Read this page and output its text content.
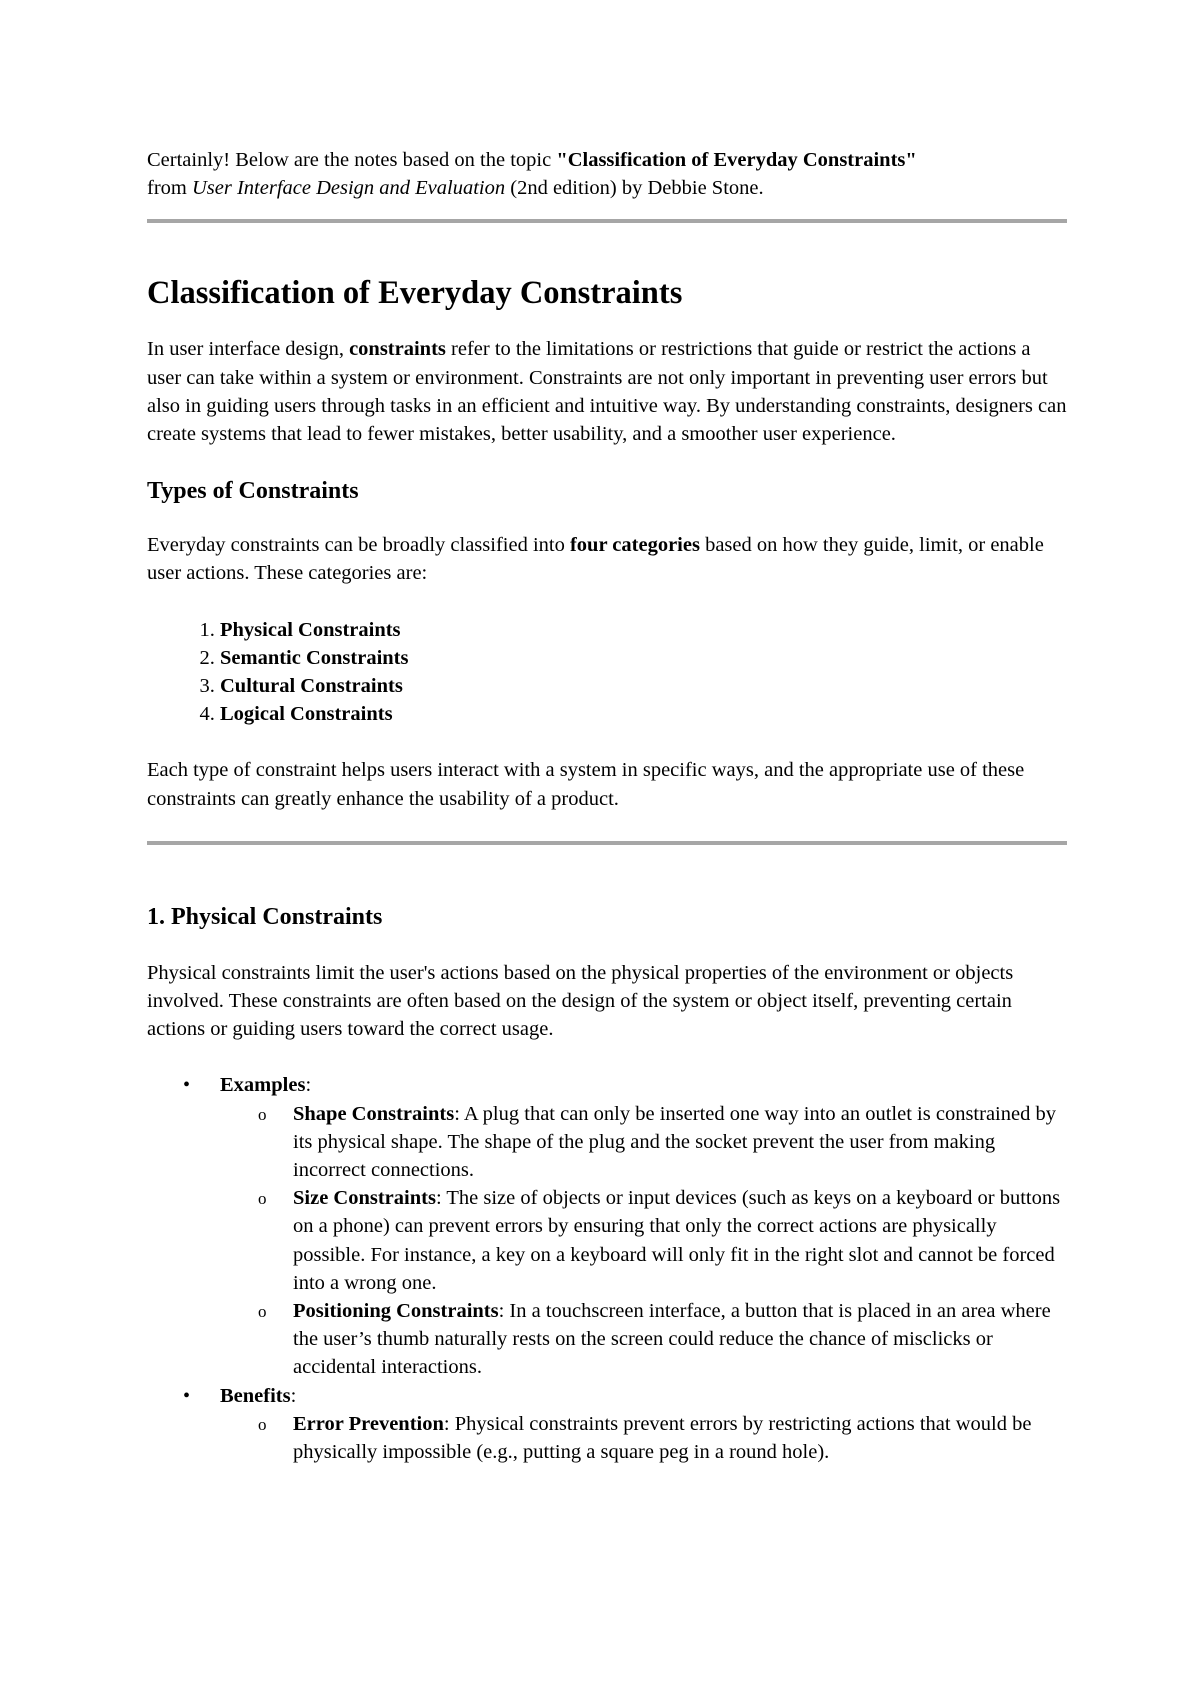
Certainly! Below are the notes based on the topic "Classification of Everyday Constraints"
from User Interface Design and Evaluation (2nd edition) by Debbie Stone.

Classification of Everyday Constraints

In user interface design, constraints refer to the limitations or restrictions that guide or restrict the actions a user can take within a system or environment. Constraints are not only important in preventing user errors but also in guiding users through tasks in an efficient and intuitive way. By understanding constraints, designers can create systems that lead to fewer mistakes, better usability, and a smoother user experience.

Types of Constraints

Everyday constraints can be broadly classified into four categories based on how they guide, limit, or enable user actions. These categories are:

1. Physical Constraints
2. Semantic Constraints
3. Cultural Constraints
4. Logical Constraints

Each type of constraint helps users interact with a system in specific ways, and the appropriate use of these constraints can greatly enhance the usability of a product.

1. Physical Constraints

Physical constraints limit the user's actions based on the physical properties of the environment or objects involved. These constraints are often based on the design of the system or object itself, preventing certain actions or guiding users toward the correct usage.

• Examples:
o Shape Constraints: A plug that can only be inserted one way into an outlet is constrained by its physical shape. The shape of the plug and the socket prevent the user from making incorrect connections.
o Size Constraints: The size of objects or input devices (such as keys on a keyboard or buttons on a phone) can prevent errors by ensuring that only the correct actions are physically possible. For instance, a key on a keyboard will only fit in the right slot and cannot be forced into a wrong one.
o Positioning Constraints: In a touchscreen interface, a button that is placed in an area where the user’s thumb naturally rests on the screen could reduce the chance of misclicks or accidental interactions.
• Benefits:
o Error Prevention: Physical constraints prevent errors by restricting actions that would be physically impossible (e.g., putting a square peg in a round hole).
